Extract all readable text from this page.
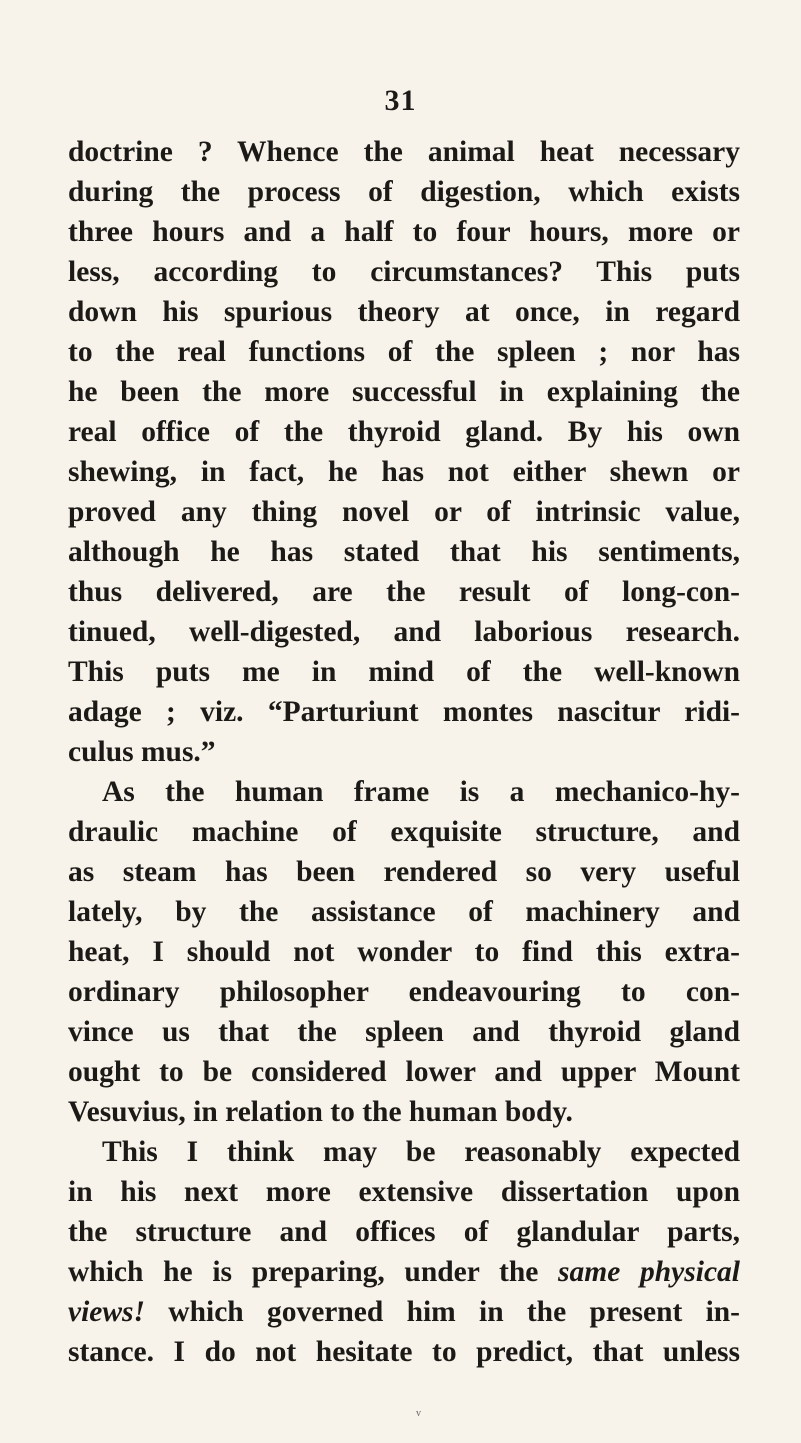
31
doctrine ? Whence the animal heat necessary
during the process of digestion, which exists
three hours and a half to four hours, more or
less, according to circumstances? This puts
down his spurious theory at once, in regard
to the real functions of the spleen ; nor has
he been the more successful in explaining the
real office of the thyroid gland. By his own
shewing, in fact, he has not either shewn or
proved any thing novel or of intrinsic value,
although he has stated that his sentiments,
thus delivered, are the result of long-con-
tinued, well-digested, and laborious research.
This puts me in mind of the well-known
adage ; viz. “Parturiunt montes nascitur ridi-
culus mus.”
As the human frame is a mechanico-hy-
draulic machine of exquisite structure, and
as steam has been rendered so very useful
lately, by the assistance of machinery and
heat, I should not wonder to find this extra-
ordinary philosopher endeavouring to con-
vince us that the spleen and thyroid gland
ought to be considered lower and upper Mount
Vesuvius, in relation to the human body.
This I think may be reasonably expected
in his next more extensive dissertation upon
the structure and offices of glandular parts,
which he is preparing, under the same physical
views! which governed him in the present in-
stance. I do not hesitate to predict, that unless
v
